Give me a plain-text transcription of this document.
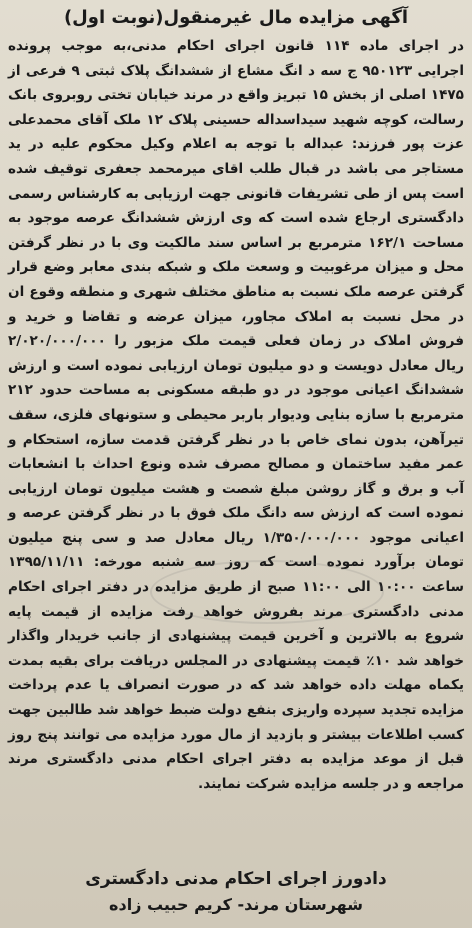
آگهی مزایده مال غیرمنقول(نوبت اول)

در اجرای ماده ۱۱۴ قانون اجرای احکام مدنی،به موجب پرونده اجرایی ۹۵۰۱۲۳ ج سه د انگ مشاع از ششدانگ پلاک ثبتی ۹ فرعی از ۱۴۷۵ اصلی از بخش ۱۵ تبریز واقع در مرند خیابان تختی روبروی بانک رسالت، کوچه شهید سیداسداله حسینی پلاک ۱۲ ملک آقای محمدعلی عزت پور فرزند: عبداله با توجه به اعلام وکیل محکوم علیه در ید مستاجر می باشد در قبال طلب اقای میرمحمد جعفری توقیف شده است پس از طی تشریفات قانونی جهت ارزیابی به کارشناس رسمی دادگستری ارجاع شده است که وی ارزش ششدانگ عرصه موجود به مساحت ۱۶۲/۱ مترمربع بر اساس سند مالکیت وی با در نظر گرفتن محل و میزان مرغوبیت و وسعت ملک و شبکه بندی معابر وضع قرار گرفتن عرصه ملک نسبت به مناطق مختلف شهری و منطقه وقوع ان در محل نسبت به املاک مجاور، میزان عرضه و تقاضا و خرید و فروش املاک در زمان فعلی قیمت ملک مزبور را ۲/۰۲۰/۰۰۰/۰۰۰ ریال معادل دویست و دو میلیون تومان ارزیابی نموده است و ارزش ششدانگ اعیانی موجود در دو طبقه مسکونی به مساحت حدود ۲۱۲ مترمربع با سازه بنایی ودیوار باربر محیطی و ستونهای فلزی، سقف تیرآهن، بدون نمای خاص با در نظر گرفتن قدمت سازه، استحکام و عمر مفید ساختمان و مصالح مصرف شده ونوع احداث با انشعابات آب و برق و گاز روشن مبلغ شصت و هشت میلیون تومان ارزیابی نموده است که ارزش سه دانگ ملک فوق با در نظر گرفتن عرصه و اعیانی موجود ۱/۳۵۰/۰۰۰/۰۰۰ ریال معادل صد و سی پنج میلیون تومان برآورد نموده است که روز سه شنبه مورخه: ۱۳۹۵/۱۱/۱۱ ساعت ۱۰:۰۰ الی ۱۱:۰۰ صبح از طریق مزایده در دفتر اجرای احکام مدنی دادگستری مرند بفروش خواهد رفت مزایده از قیمت پایه شروع به بالاترین و آخرین قیمت پیشنهادی از جانب خریدار واگذار خواهد شد ۱۰٪ قیمت پیشنهادی در المجلس دریافت برای بقیه بمدت یکماه مهلت داده خواهد شد که در صورت انصراف یا عدم پرداخت مزایده تجدید سپرده واریزی بنفع دولت ضبط خواهد شد طالبین جهت کسب اطلاعات بیشتر و بازدید از مال مورد مزایده می توانند پنج روز قبل از موعد مزایده به دفتر اجرای احکام مدنی دادگستری مرند مراجعه و در جلسه مزایده شرکت نمایند.

دادورز اجرای احکام مدنی دادگستری
شهرستان مرند- کریم حبیب زاده
